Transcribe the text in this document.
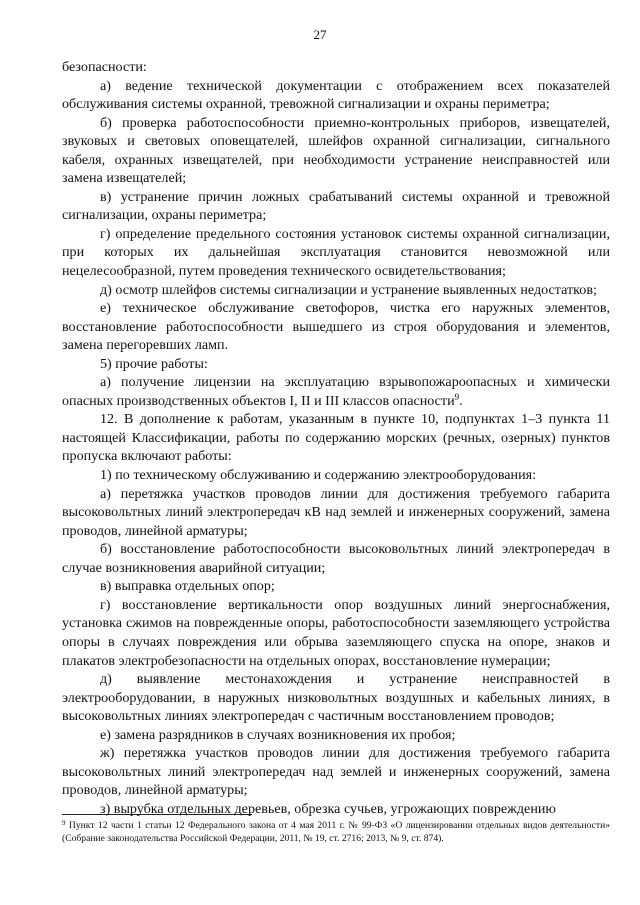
27

безопасности:

а) ведение технической документации с отображением всех показателей обслуживания системы охранной, тревожной сигнализации и охраны периметра;

б) проверка работоспособности приемно-контрольных приборов, извещателей, звуковых и световых оповещателей, шлейфов охранной сигнализации, сигнального кабеля, охранных извещателей, при необходимости устранение неисправностей или замена извещателей;

в) устранение причин ложных срабатываний системы охранной и тревожной сигнализации, охраны периметра;

г) определение предельного состояния установок системы охранной сигнализации, при которых их дальнейшая эксплуатация становится невозможной или нецелесообразной, путем проведения технического освидетельствования;

д) осмотр шлейфов системы сигнализации и устранение выявленных недостатков;

е) техническое обслуживание светофоров, чистка его наружных элементов, восстановление работоспособности вышедшего из строя оборудования и элементов, замена перегоревших ламп.

5) прочие работы:

а) получение лицензии на эксплуатацию взрывопожароопасных и химически опасных производственных объектов I, II и III классов опасности$^9$.

12. В дополнение к работам, указанным в пункте 10, подпунктах 1–3 пункта 11 настоящей Классификации, работы по содержанию морских (речных, озерных) пунктов пропуска включают работы:

1) по техническому обслуживанию и содержанию электрооборудования:

а) перетяжка участков проводов линии для достижения требуемого габарита высоковольтных линий электропередач кВ над землей и инженерных сооружений, замена проводов, линейной арматуры;

б) восстановление работоспособности высоковольтных линий электропередач в случае возникновения аварийной ситуации;

в) выправка отдельных опор;

г) восстановление вертикальности опор воздушных линий энергоснабжения, установка сжимов на поврежденные опоры, работоспособности заземляющего устройства опоры в случаях повреждения или обрыва заземляющего спуска на опоре, знаков и плакатов электробезопасности на отдельных опорах, восстановление нумерации;

д) выявление местонахождения и устранение неисправностей в электрооборудовании, в наружных низковольтных воздушных и кабельных линиях, в высоковольтных линиях электропередач с частичным восстановлением проводов;

е) замена разрядников в случаях возникновения их пробоя;

ж) перетяжка участков проводов линии для достижения требуемого габарита высоковольтных линий электропередач над землей и инженерных сооружений, замена проводов, линейной арматуры;

з) вырубка отдельных деревьев, обрезка сучьев, угрожающих повреждению

$^9$ Пункт 12 части 1 статьи 12 Федерального закона от 4 мая 2011 г. № 99-ФЗ «О лицензировании отдельных видов деятельности» (Собрание законодательства Российской Федерации, 2011, № 19, ст. 2716; 2013, № 9, ст. 874).
